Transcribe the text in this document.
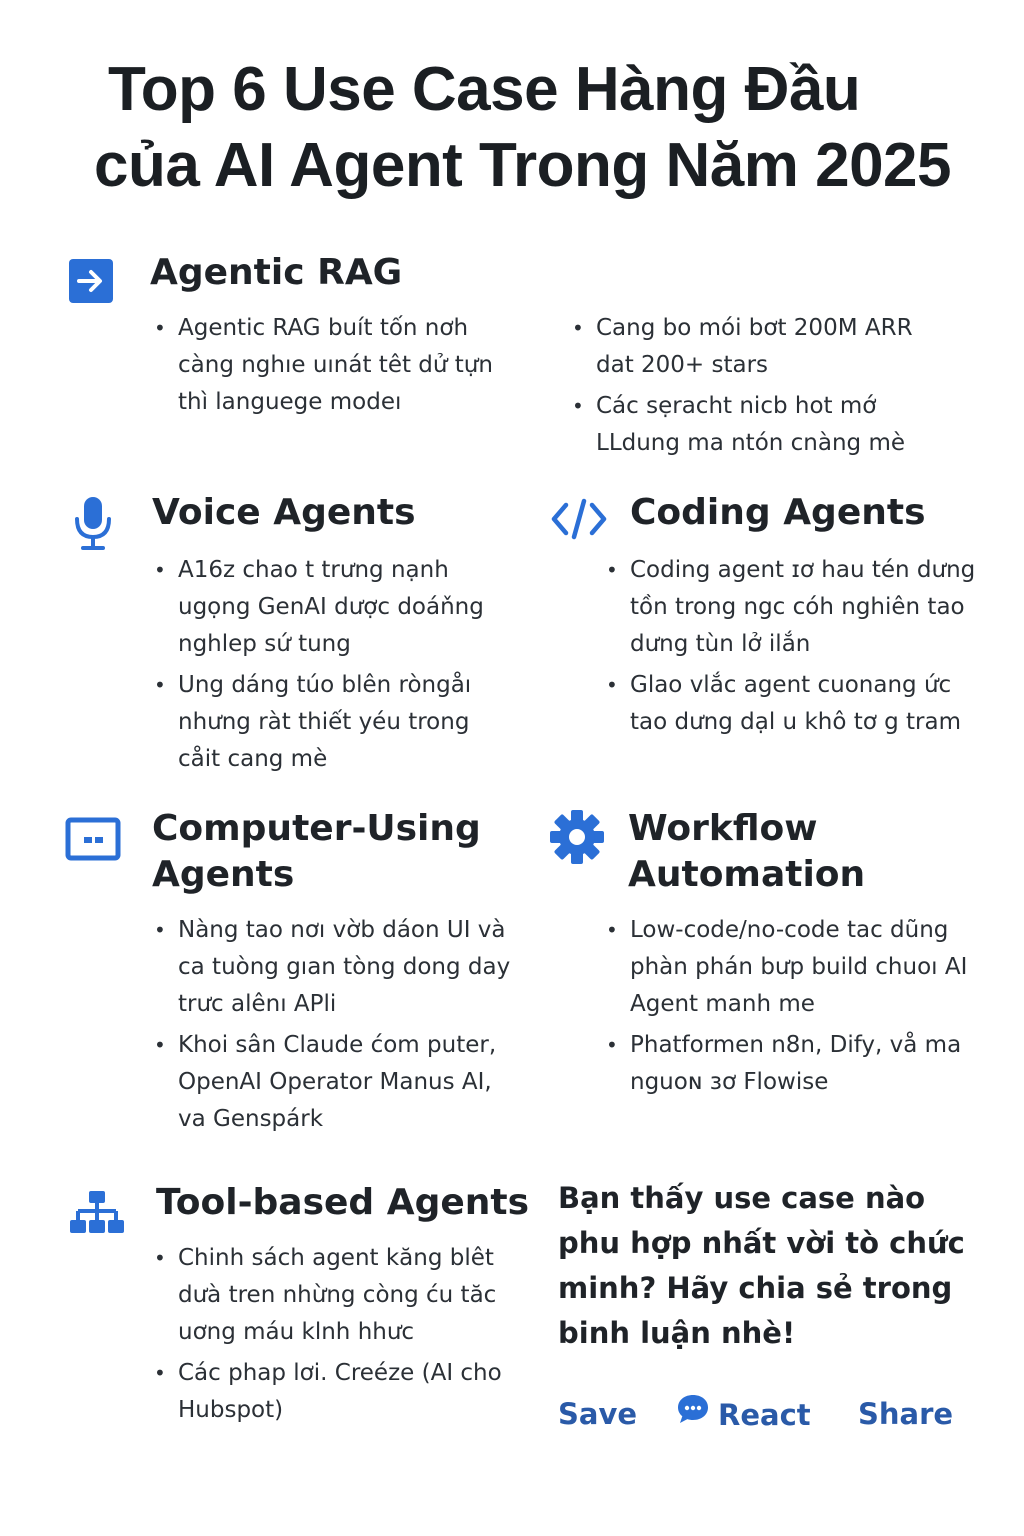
Top 6 Use Case Hàng Đầu
của AI Agent Trong Năm 2025
Agentic RAG
• Agentic RAG buít tốn nơh càng nghıe uınát têt dử tựn thì languege modeı
• Cang bo mói bơt 200M ARR dat 200+ stars
• Các sẹracht nicb hot mớ LLdung ma ntón cnàng mè
Voice Agents
• A16z chao t trưng nạnh ugọng GenAI dược doáňng nghlep sứ tung
• Ung dáng túo blên ròngåı nhưng ràt thiết yéu trong cåit cang mè
Coding Agents
• Coding agent ɪơ hau tén dưng tồn trong ngc cóh nghiên tao dưng tùn lở ilắn
• Glao vlắc agent cuonang ức tao dưng dạl u khô tơ g tram
Computer-Using Agents
• Nàng tao nơı vờb dáon UI và ca tuòng gıan tòng dong day trưc alênı APli
• Khoi sân Claude ćom puter, OpenAI Operator Manus AI, va Genspárk
Workflow Automation
• Low-code/no-code tac dũng phàn phán bưp build chuoı AI Agent manh me
• Phatformen n8n, Dify, vå ma nguoɴ ɜơ Flowise
Tool-based Agents
• Chinh sách agent kăng blêt dưà tren nhừng còng ću tăc uơng máu klnh hhưc
• Các phap lơi. Creéze (AI cho Hubspot)
Bạn thấy use case nào phu hợp nhất vời tò chức minh? Hãy chia sẻ trong binh luận nhè!
Save	React Share
